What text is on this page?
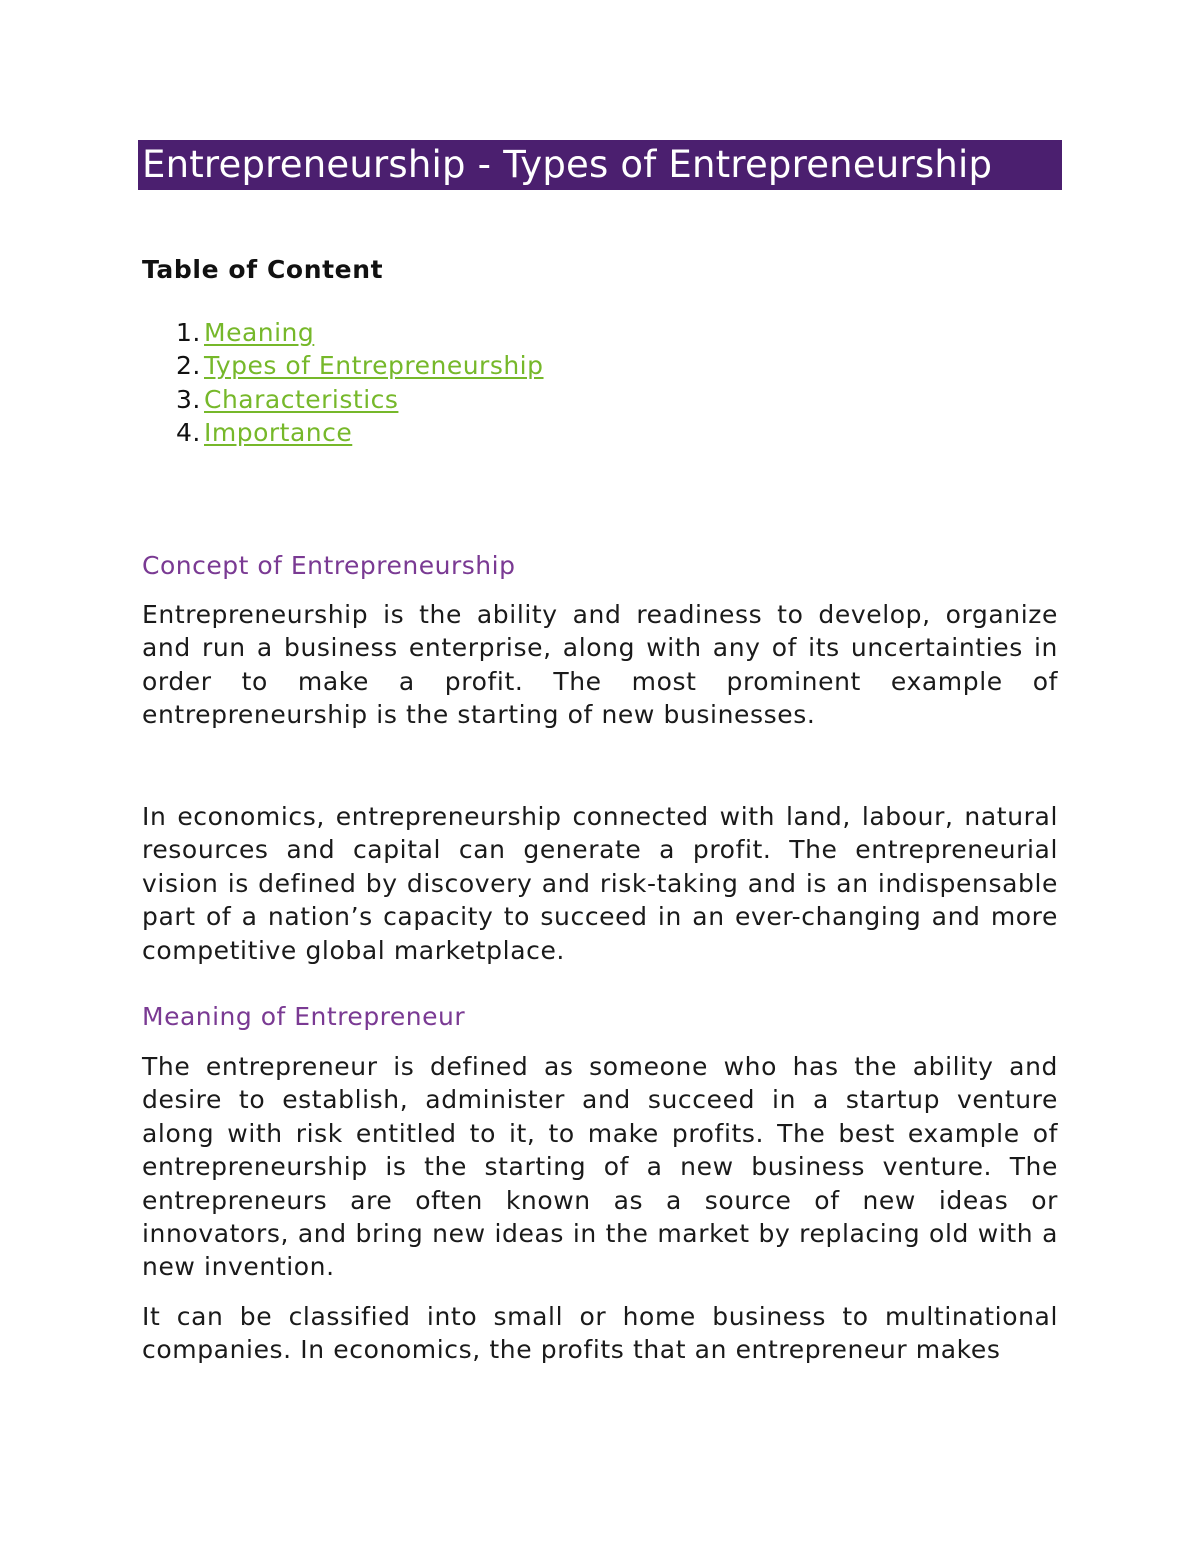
Entrepreneurship - Types of Entrepreneurship
Table of Content
1. Meaning
2. Types of Entrepreneurship
3. Characteristics
4. Importance
Concept of Entrepreneurship

Entrepreneurship is the ability and readiness to develop, organize and run a business enterprise, along with any of its uncertainties in order to make a profit. The most prominent example of entrepreneurship is the starting of new businesses.

In economics, entrepreneurship connected with land, labour, natural resources and capital can generate a profit. The entrepreneurial vision is defined by discovery and risk-taking and is an indispensable part of a nation’s capacity to succeed in an ever-changing and more competitive global marketplace.

Meaning of Entrepreneur

The entrepreneur is defined as someone who has the ability and desire to establish, administer and succeed in a startup venture along with risk entitled to it, to make profits. The best example of entrepreneurship is the starting of a new business venture. The entrepreneurs are often known as a source of new ideas or innovators, and bring new ideas in the market by replacing old with a new invention.

It can be classified into small or home business to multinational companies. In economics, the profits that an entrepreneur makes
